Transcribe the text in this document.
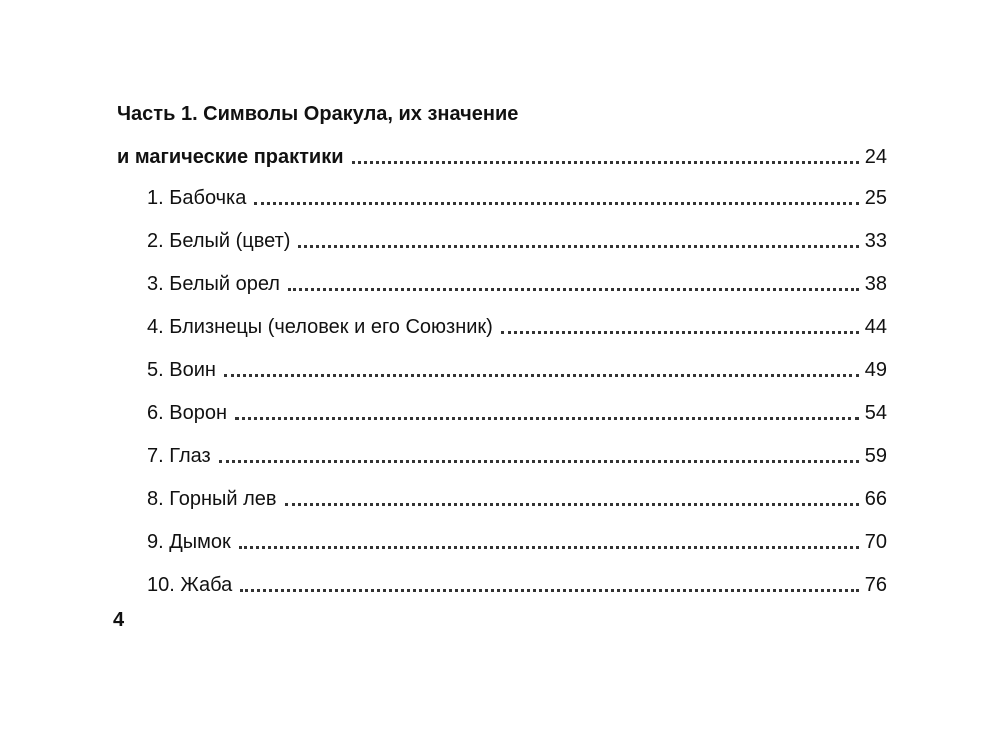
Часть 1. Символы Оракула, их значение
и магические практики	24
1. Бабочка	25
2. Белый (цвет)	33
3. Белый орел	38
4. Близнецы (человек и его Союзник)	44
5. Воин	49
6. Ворон	54
7. Глаз	59
8. Горный лев	66
9. Дымок	70
10. Жаба	76
4
